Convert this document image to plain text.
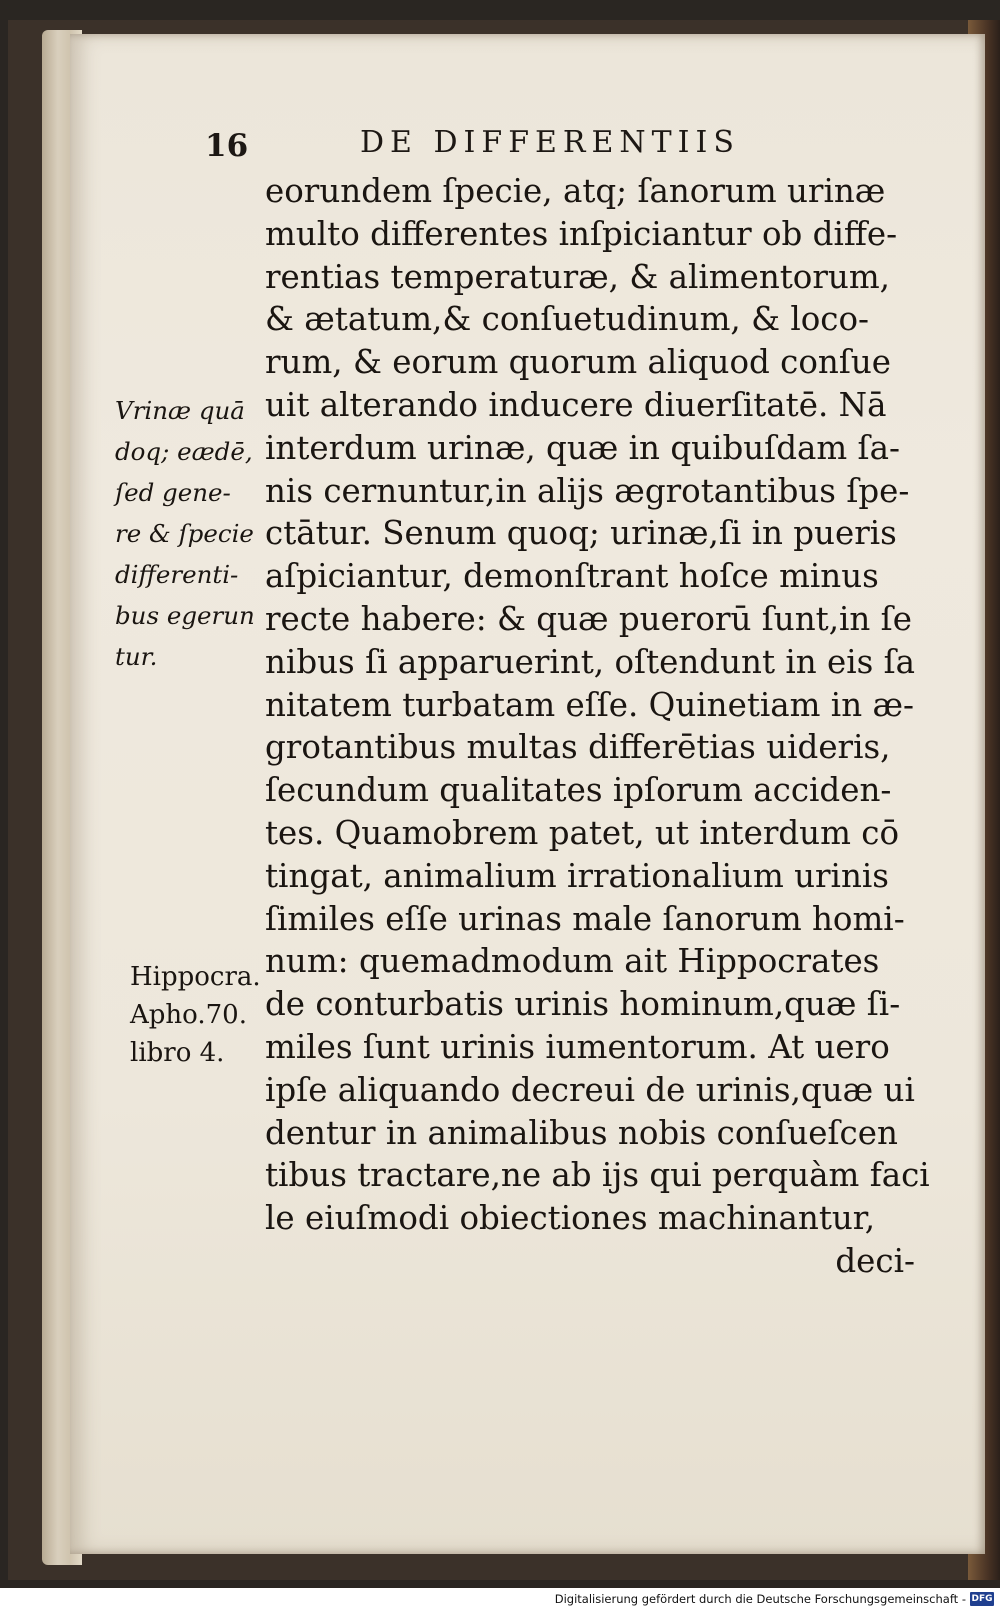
16	DE DIFFERENTIIS
eorundem ſpecie, atq; ſanorum urinæ
multo differentes inſpiciantur ob diffe-
rentias temperaturæ, & alimentorum,
& ætatum,& conſuetudinum, & loco-
rum, & eorum quorum aliquod conſue
uit alterando inducere diuerſitatē. Nā
interdum urinæ, quæ in quibuſdam ſa-
nis cernuntur,in aliјs ægrotantibus ſpe-
ctātur. Senum quoq; urinæ,ſi in pueris
aſpiciantur, demonſtrant hoſce minus
recte habere: & quæ puerorū ſunt,in ſe
nibus ſi apparuerint, oſtendunt in eis ſa
nitatem turbatam eſſe. Quinetiam in æ-
grotantibus multas differētias uideris,
ſecundum qualitates ipſorum acciden-
tes. Quamobrem patet, ut interdum cō
tingat, animalium irrationalium urinis
ſimiles eſſe urinas male ſanorum homi-
num: quemadmodum ait Hippocrates
de conturbatis urinis hominum,quæ ſi-
miles ſunt urinis iumentorum. At uero
ipſe aliquando decreui de urinis,quæ ui
dentur in animalibus nobis conſueſcen
tibus tractare,ne ab iјs qui perquàm faci
le eiuſmodi obiectiones machinantur,
deci-
Vrinæ quā
doq; eædē,
ſed gene-
re & ſpecie
differenti-
bus egerun
tur.
Hippocra.
Apho.70.
libro 4.
Digitalisierung gefördert durch die Deutsche Forschungsgemeinschaft - DFG
